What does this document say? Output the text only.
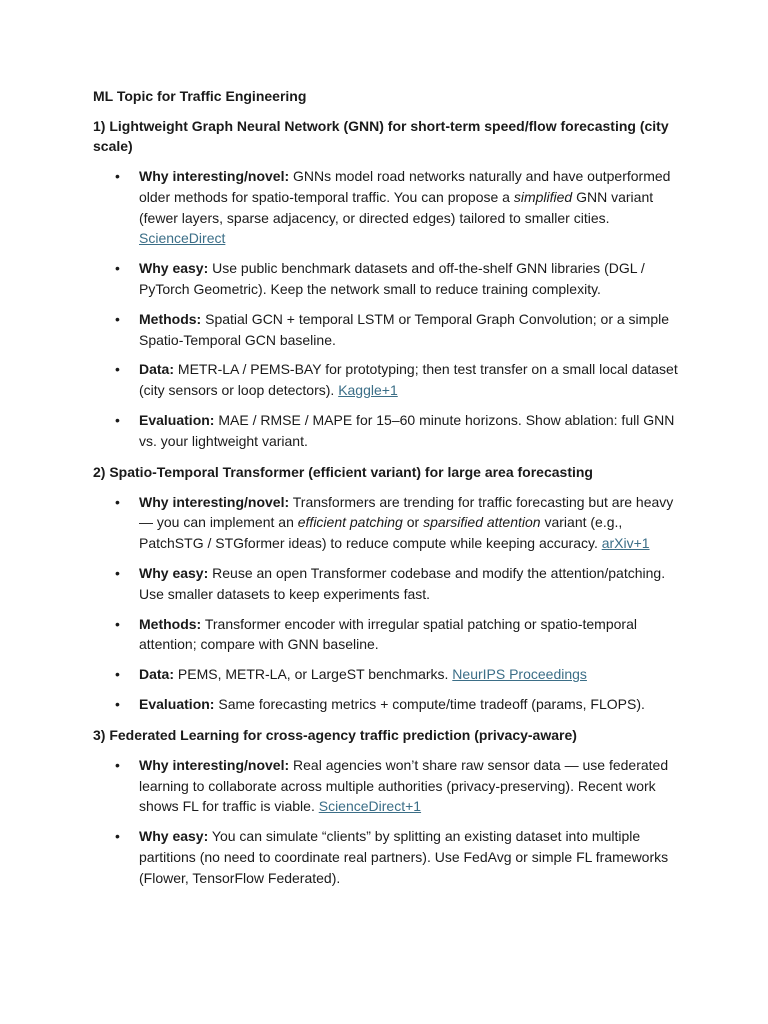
ML Topic for Traffic Engineering
1) Lightweight Graph Neural Network (GNN) for short-term speed/flow forecasting (city scale)
• Why interesting/novel: GNNs model road networks naturally and have outperformed older methods for spatio-temporal traffic. You can propose a simplified GNN variant (fewer layers, sparse adjacency, or directed edges) tailored to smaller cities. ScienceDirect
• Why easy: Use public benchmark datasets and off-the-shelf GNN libraries (DGL / PyTorch Geometric). Keep the network small to reduce training complexity.
• Methods: Spatial GCN + temporal LSTM or Temporal Graph Convolution; or a simple Spatio-Temporal GCN baseline.
• Data: METR-LA / PEMS-BAY for prototyping; then test transfer on a small local dataset (city sensors or loop detectors). Kaggle+1
• Evaluation: MAE / RMSE / MAPE for 15–60 minute horizons. Show ablation: full GNN vs. your lightweight variant.
2) Spatio-Temporal Transformer (efficient variant) for large area forecasting
• Why interesting/novel: Transformers are trending for traffic forecasting but are heavy — you can implement an efficient patching or sparsified attention variant (e.g., PatchSTG / STGformer ideas) to reduce compute while keeping accuracy. arXiv+1
• Why easy: Reuse an open Transformer codebase and modify the attention/patching. Use smaller datasets to keep experiments fast.
• Methods: Transformer encoder with irregular spatial patching or spatio-temporal attention; compare with GNN baseline.
• Data: PEMS, METR-LA, or LargeST benchmarks. NeurIPS Proceedings
• Evaluation: Same forecasting metrics + compute/time tradeoff (params, FLOPS).
3) Federated Learning for cross-agency traffic prediction (privacy-aware)
• Why interesting/novel: Real agencies won’t share raw sensor data — use federated learning to collaborate across multiple authorities (privacy-preserving). Recent work shows FL for traffic is viable. ScienceDirect+1
• Why easy: You can simulate “clients” by splitting an existing dataset into multiple partitions (no need to coordinate real partners). Use FedAvg or simple FL frameworks (Flower, TensorFlow Federated).
